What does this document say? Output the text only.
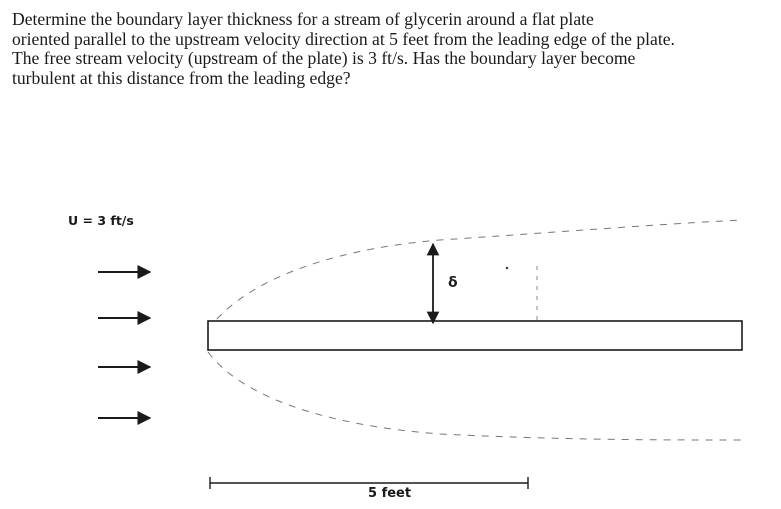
Determine the boundary layer thickness for a stream of glycerin around a flat plate
oriented parallel to the upstream velocity direction at 5 feet from the leading edge of the plate.
The free stream velocity (upstream of the plate) is 3 ft/s. Has the boundary layer become
turbulent at this distance from the leading edge?
U = 3 ft/s
δ
5 feet
